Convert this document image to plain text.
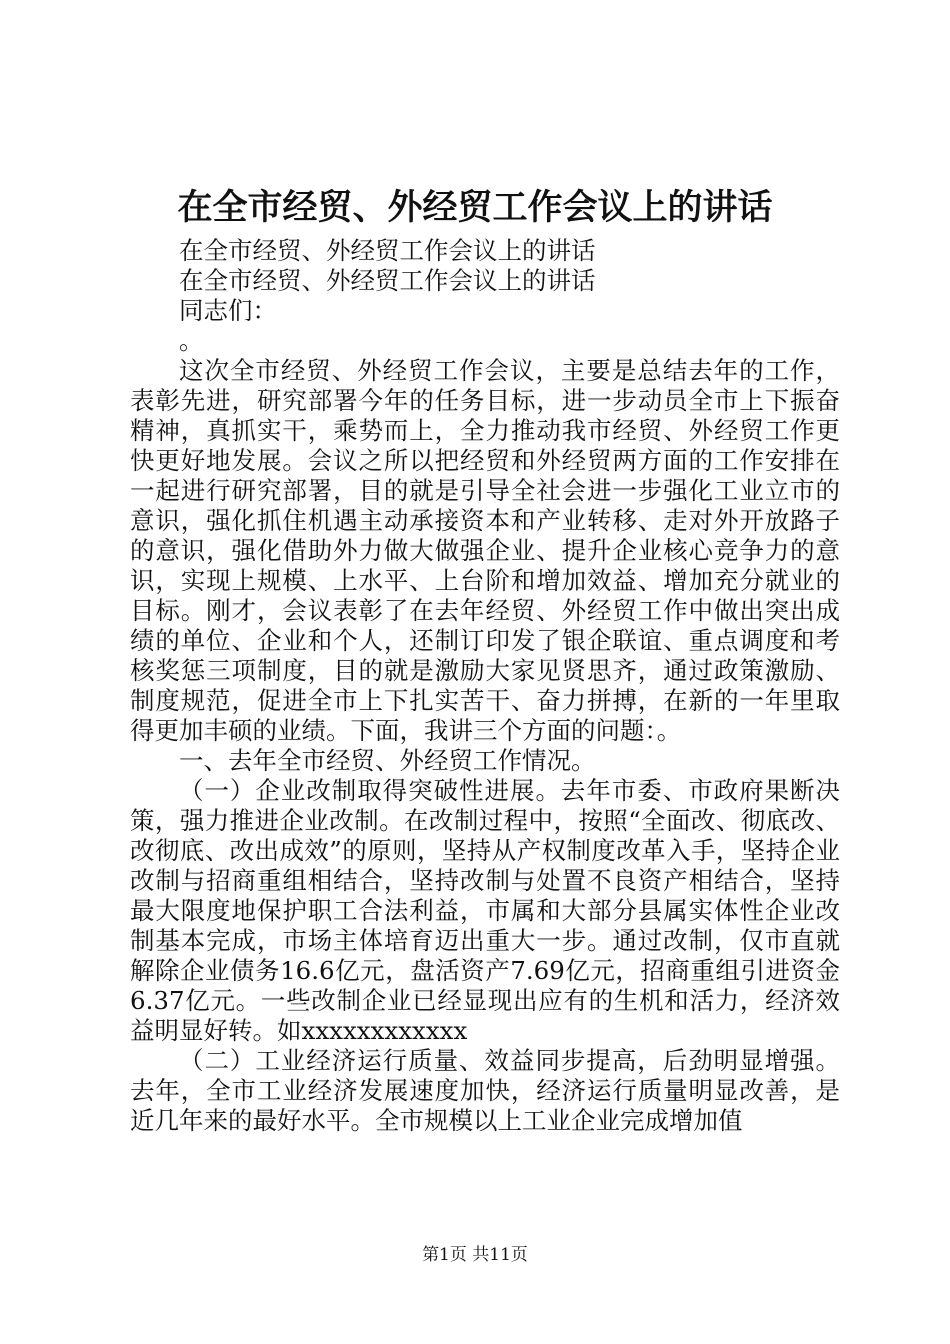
在全市经贸、外经贸工作会议上的讲话
在全市经贸、外经贸工作会议上的讲话
在全市经贸、外经贸工作会议上的讲话
同志们：
。

这次全市经贸、外经贸工作会议，主要是总结去年的工作，表彰先进，研究部署今年的任务目标，进一步动员全市上下振奋精神，真抓实干，乘势而上，全力推动我市经贸、外经贸工作更快更好地发展。会议之所以把经贸和外经贸两方面的工作安排在一起进行研究部署，目的就是引导全社会进一步强化工业立市的意识，强化抓住机遇主动承接资本和产业转移、走对外开放路子的意识，强化借助外力做大做强企业、提升企业核心竞争力的意识，实现上规模、上水平、上台阶和增加效益、增加充分就业的目标。刚才，会议表彰了在去年经贸、外经贸工作中做出突出成绩的单位、企业和个人，还制订印发了银企联谊、重点调度和考核奖惩三项制度，目的就是激励大家见贤思齐，通过政策激励、制度规范，促进全市上下扎实苦干、奋力拼搏，在新的一年里取得更加丰硕的业绩。下面，我讲三个方面的问题：。

一、去年全市经贸、外经贸工作情况。

（一）企业改制取得突破性进展。去年市委、市政府果断决策，强力推进企业改制。在改制过程中，按照“全面改、彻底改、改彻底、改出成效”的原则，坚持从产权制度改革入手，坚持企业改制与招商重组相结合，坚持改制与处置不良资产相结合，坚持最大限度地保护职工合法利益，市属和大部分县属实体性企业改制基本完成，市场主体培育迈出重大一步。通过改制，仅市直就解除企业债务16.6亿元，盘活资产7.69亿元，招商重组引进资金6.37亿元。一些改制企业已经显现出应有的生机和活力，经济效益明显好转。如xxxxxxxxxxxx

（二）工业经济运行质量、效益同步提高，后劲明显增强。去年，全市工业经济发展速度加快，经济运行质量明显改善，是近几年来的最好水平。全市规模以上工业企业完成增加值

第1页 共11页
